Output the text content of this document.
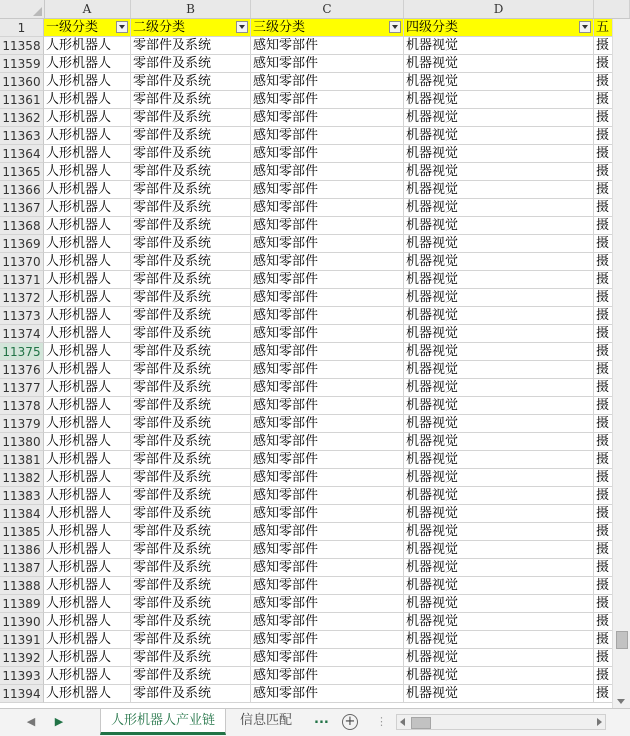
A	B	C	D
1	一级分类	二级分类	三级分类	四级分类	五
11358 人形机器人	零部件及系统	感知零部件	机器视觉	摄
11359 人形机器人	零部件及系统	感知零部件	机器视觉	摄
11360 人形机器人	零部件及系统	感知零部件	机器视觉	摄
11361 人形机器人	零部件及系统	感知零部件	机器视觉	摄
11362 人形机器人	零部件及系统	感知零部件	机器视觉	摄
11363 人形机器人	零部件及系统	感知零部件	机器视觉	摄
11364 人形机器人	零部件及系统	感知零部件	机器视觉	摄
11365 人形机器人	零部件及系统	感知零部件	机器视觉	摄
11366 人形机器人	零部件及系统	感知零部件	机器视觉	摄
11367 人形机器人	零部件及系统	感知零部件	机器视觉	摄
11368 人形机器人	零部件及系统	感知零部件	机器视觉	摄
11369 人形机器人	零部件及系统	感知零部件	机器视觉	摄
11370 人形机器人	零部件及系统	感知零部件	机器视觉	摄
11371 人形机器人	零部件及系统	感知零部件	机器视觉	摄
11372 人形机器人	零部件及系统	感知零部件	机器视觉	摄
11373 人形机器人	零部件及系统	感知零部件	机器视觉	摄
11374 人形机器人	零部件及系统	感知零部件	机器视觉	摄
11375 人形机器人	零部件及系统	感知零部件	机器视觉	摄
11376 人形机器人	零部件及系统	感知零部件	机器视觉	摄
11377 人形机器人	零部件及系统	感知零部件	机器视觉	摄
11378 人形机器人	零部件及系统	感知零部件	机器视觉	摄
11379 人形机器人	零部件及系统	感知零部件	机器视觉	摄
11380 人形机器人	零部件及系统	感知零部件	机器视觉	摄
11381 人形机器人	零部件及系统	感知零部件	机器视觉	摄
11382 人形机器人	零部件及系统	感知零部件	机器视觉	摄
11383 人形机器人	零部件及系统	感知零部件	机器视觉	摄
11384 人形机器人	零部件及系统	感知零部件	机器视觉	摄
11385 人形机器人	零部件及系统	感知零部件	机器视觉	摄
11386 人形机器人	零部件及系统	感知零部件	机器视觉	摄
11387 人形机器人	零部件及系统	感知零部件	机器视觉	摄
11388 人形机器人	零部件及系统	感知零部件	机器视觉	摄
11389 人形机器人	零部件及系统	感知零部件	机器视觉	摄
11390 人形机器人	零部件及系统	感知零部件	机器视觉	摄
11391 人形机器人	零部件及系统	感知零部件	机器视觉	摄
11392 人形机器人	零部件及系统	感知零部件	机器视觉	摄
11393 人形机器人	零部件及系统	感知零部件	机器视觉	摄
11394 人形机器人	零部件及系统	感知零部件	机器视觉	摄
◀ ▶	人形机器人产业链	信息匹配	... + ⋮
